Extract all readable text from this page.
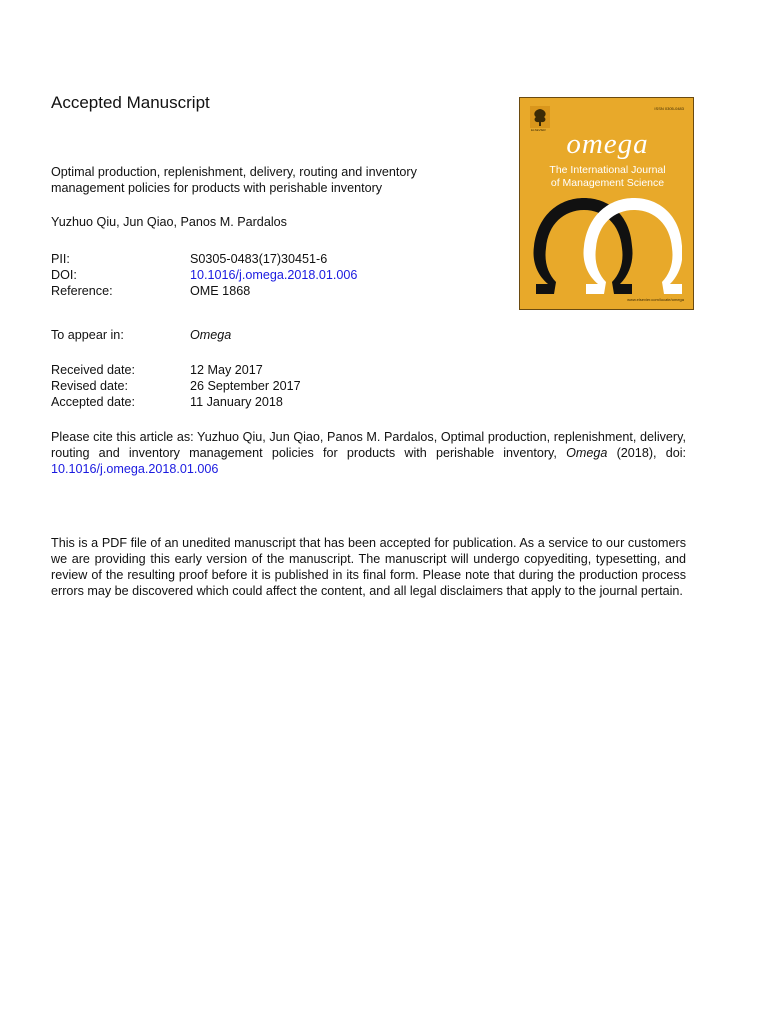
Accepted Manuscript
Optimal production, replenishment, delivery, routing and inventory management policies for products with perishable inventory
Yuzhuo Qiu, Jun Qiao, Panos M. Pardalos
PII:	S0305-0483(17)30451-6
DOI:	10.1016/j.omega.2018.01.006
Reference:	OME 1868
To appear in:	Omega
Received date:	12 May 2017
Revised date:	26 September 2017
Accepted date:	11 January 2018
Please cite this article as: Yuzhuo Qiu, Jun Qiao, Panos M. Pardalos, Optimal production, replenishment, delivery, routing and inventory management policies for products with perishable inventory, Omega (2018), doi: 10.1016/j.omega.2018.01.006
This is a PDF file of an unedited manuscript that has been accepted for publication. As a service to our customers we are providing this early version of the manuscript. The manuscript will undergo copyediting, typesetting, and review of the resulting proof before it is published in its final form. Please note that during the production process errors may be discovered which could affect the content, and all legal disclaimers that apply to the journal pertain.
ELSEVIER
ISSN 0305-0483
omega
The International Journal
of Management Science
www.elsevier.com/locate/omega
